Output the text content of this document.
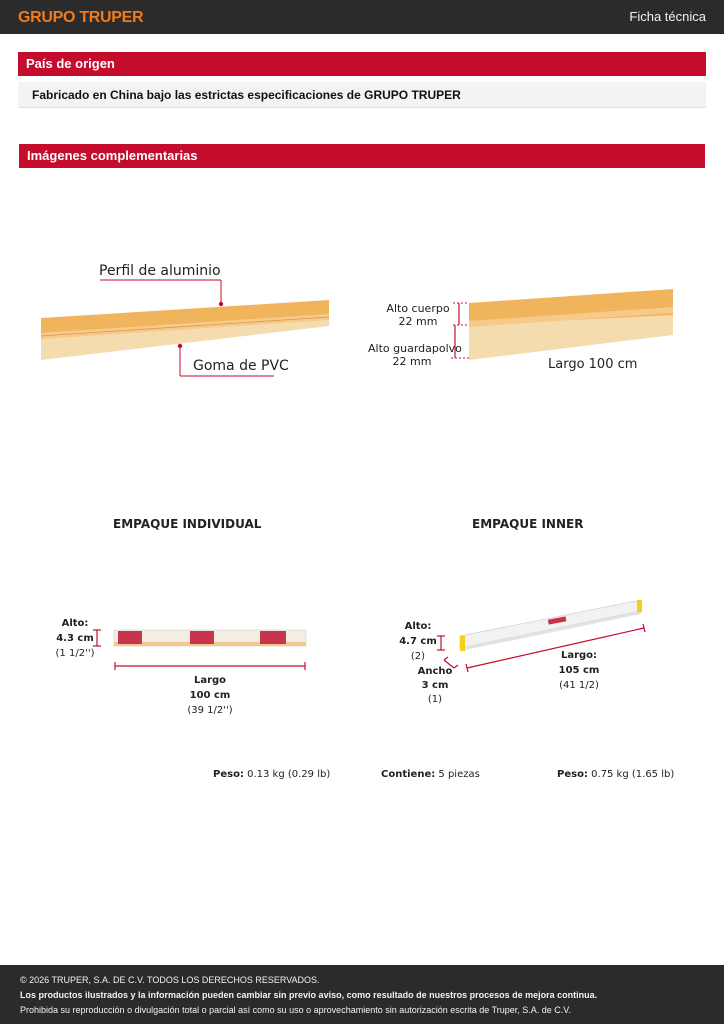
GRUPO TRUPER	Ficha técnica
País de origen
Fabricado en China bajo las estrictas especificaciones de GRUPO TRUPER
Imágenes complementarias
Perfil de aluminio
Goma de PVC
Alto cuerpo
22 mm
Alto guardapolvo
22 mm	Largo 100 cm
EMPAQUE INDIVIDUAL	EMPAQUE INNER
Alto:
4.3 cm
(1 1/2'')
Largo
100 cm
(39 1/2'')
Alto:
4.7 cm
(2)
Ancho
3 cm
(1)
Largo:
105 cm
(41 1/2)
Peso: 0.13 kg (0.29 lb)	Contiene: 5 piezas	Peso: 0.75 kg (1.65 lb)
© 2026 TRUPER, S.A. DE C.V. TODOS LOS DERECHOS RESERVADOS.
Los productos ilustrados y la información pueden cambiar sin previo aviso, como resultado de nuestros procesos de mejora continua.
Prohibida su reproducción o divulgación total o parcial así como su uso o aprovechamiento sin autorización escrita de Truper, S.A. de C.V.
